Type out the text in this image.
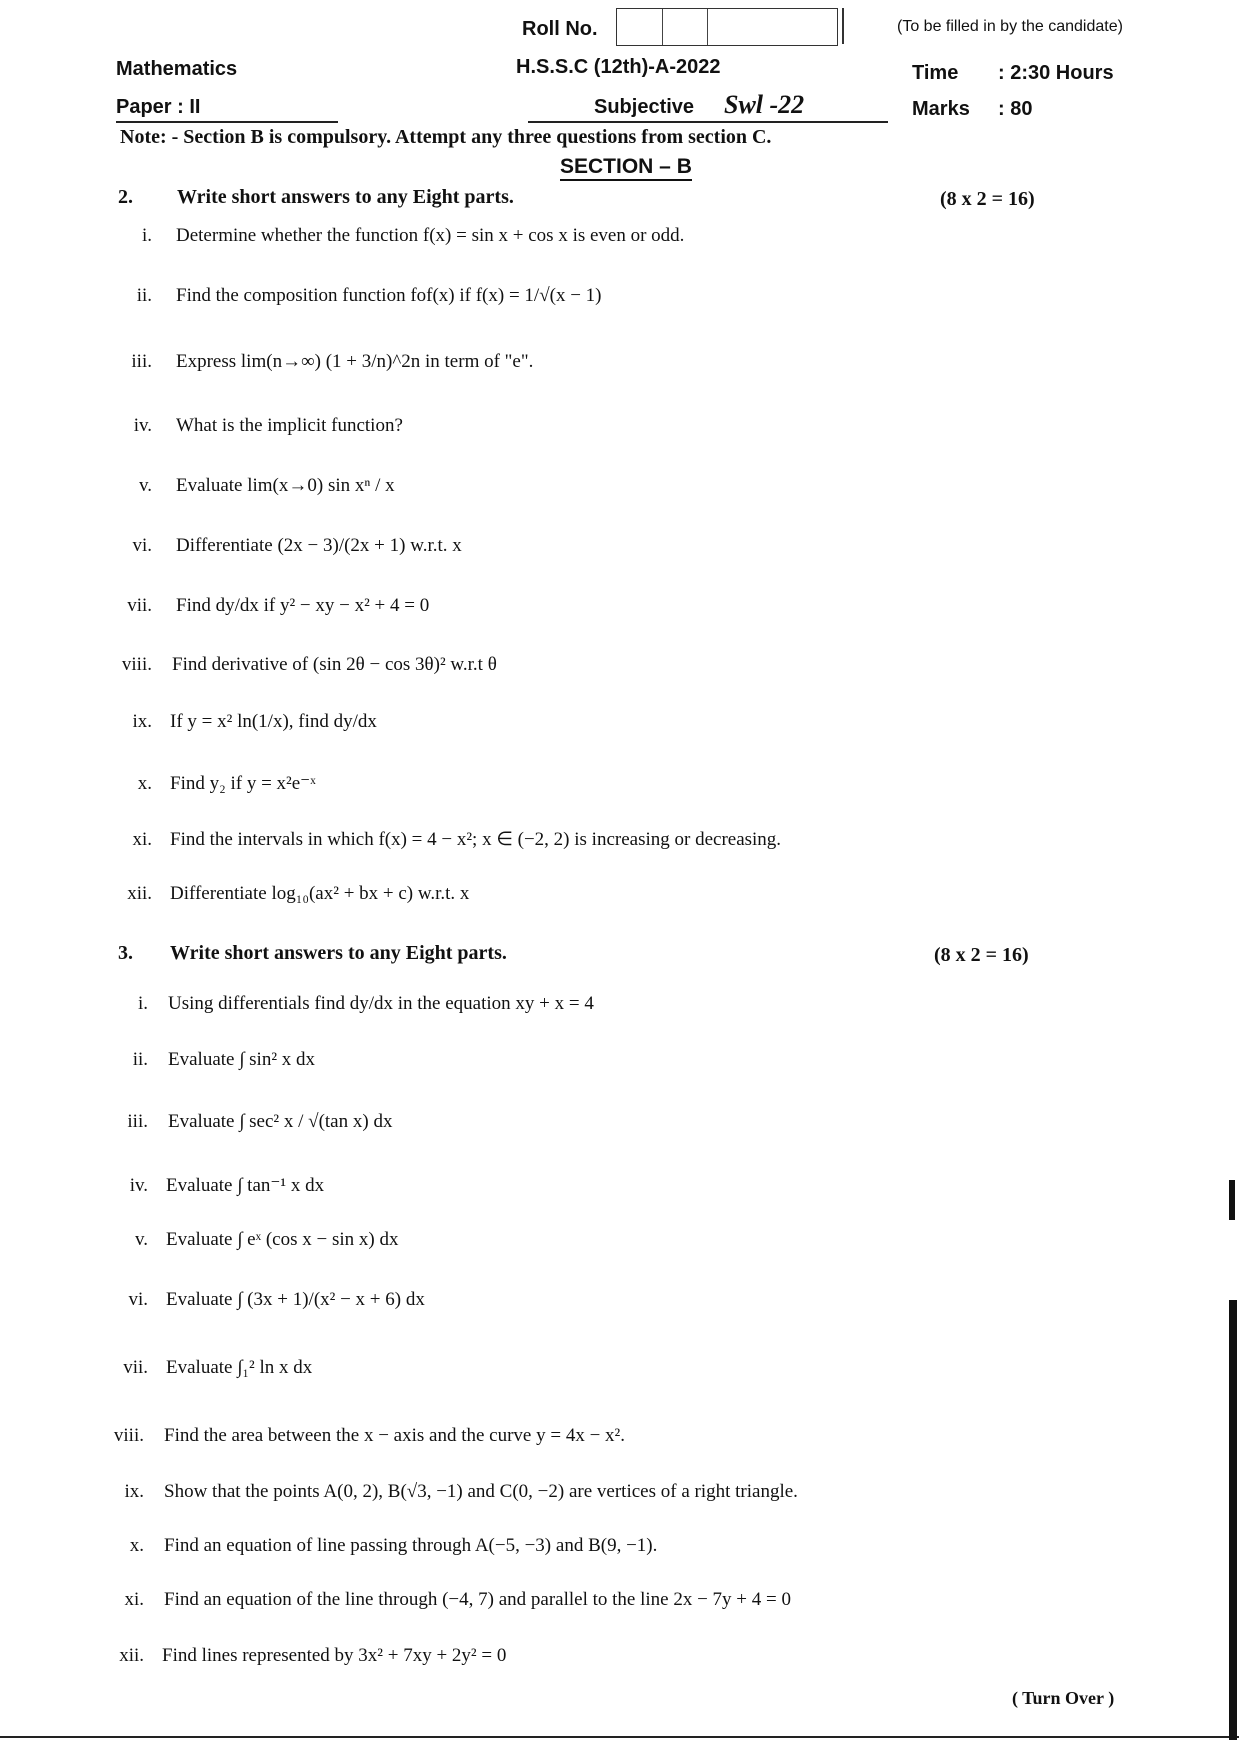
Roll No.	(To be filled in by the candidate)
Mathematics	H.S.S.C (12th)-A-2022	Time : 2:30 Hours
Paper : II	Subjective Swl -22	Marks : 80
Note: - Section B is compulsory. Attempt any three questions from section C.
SECTION – B
2. Write short answers to any Eight parts.	(8 x 2 = 16)
i. Determine whether the function f(x) = sin x + cos x is even or odd.
ii. Find the composition function fof(x) if f(x) = 1/√(x − 1)
iii. Express lim(n→∞) (1 + 3/n)^2n in term of "e".
iv. What is the implicit function?
v. Evaluate lim(x→0) sin xⁿ / x
vi. Differentiate (2x − 3)/(2x + 1) w.r.t. x
vii. Find dy/dx if y² − xy − x² + 4 = 0
viii. Find derivative of (sin 2θ − cos 3θ)² w.r.t θ
ix. If y = x² ln(1/x), find dy/dx
x. Find y₂ if y = x²e⁻ˣ
xi. Find the intervals in which f(x) = 4 − x²; x ∈ (−2, 2) is increasing or decreasing.
xii. Differentiate log₁₀(ax² + bx + c) w.r.t. x
3. Write short answers to any Eight parts.	(8 x 2 = 16)
i. Using differentials find dy/dx in the equation xy + x = 4
ii. Evaluate ∫ sin² x dx
iii. Evaluate ∫ sec² x / √(tan x) dx
iv. Evaluate ∫ tan⁻¹ x dx
v. Evaluate ∫ eˣ (cos x − sin x) dx
vi. Evaluate ∫ (3x + 1)/(x² − x + 6) dx
vii. Evaluate ∫₁² ln x dx
viii. Find the area between the x − axis and the curve y = 4x − x².
ix. Show that the points A(0, 2), B(√3, −1) and C(0, −2) are vertices of a right triangle.
x. Find an equation of line passing through A(−5, −3) and B(9, −1).
xi. Find an equation of the line through (−4, 7) and parallel to the line 2x − 7y + 4 = 0
xii. Find lines represented by 3x² + 7xy + 2y² = 0
( Turn Over )
